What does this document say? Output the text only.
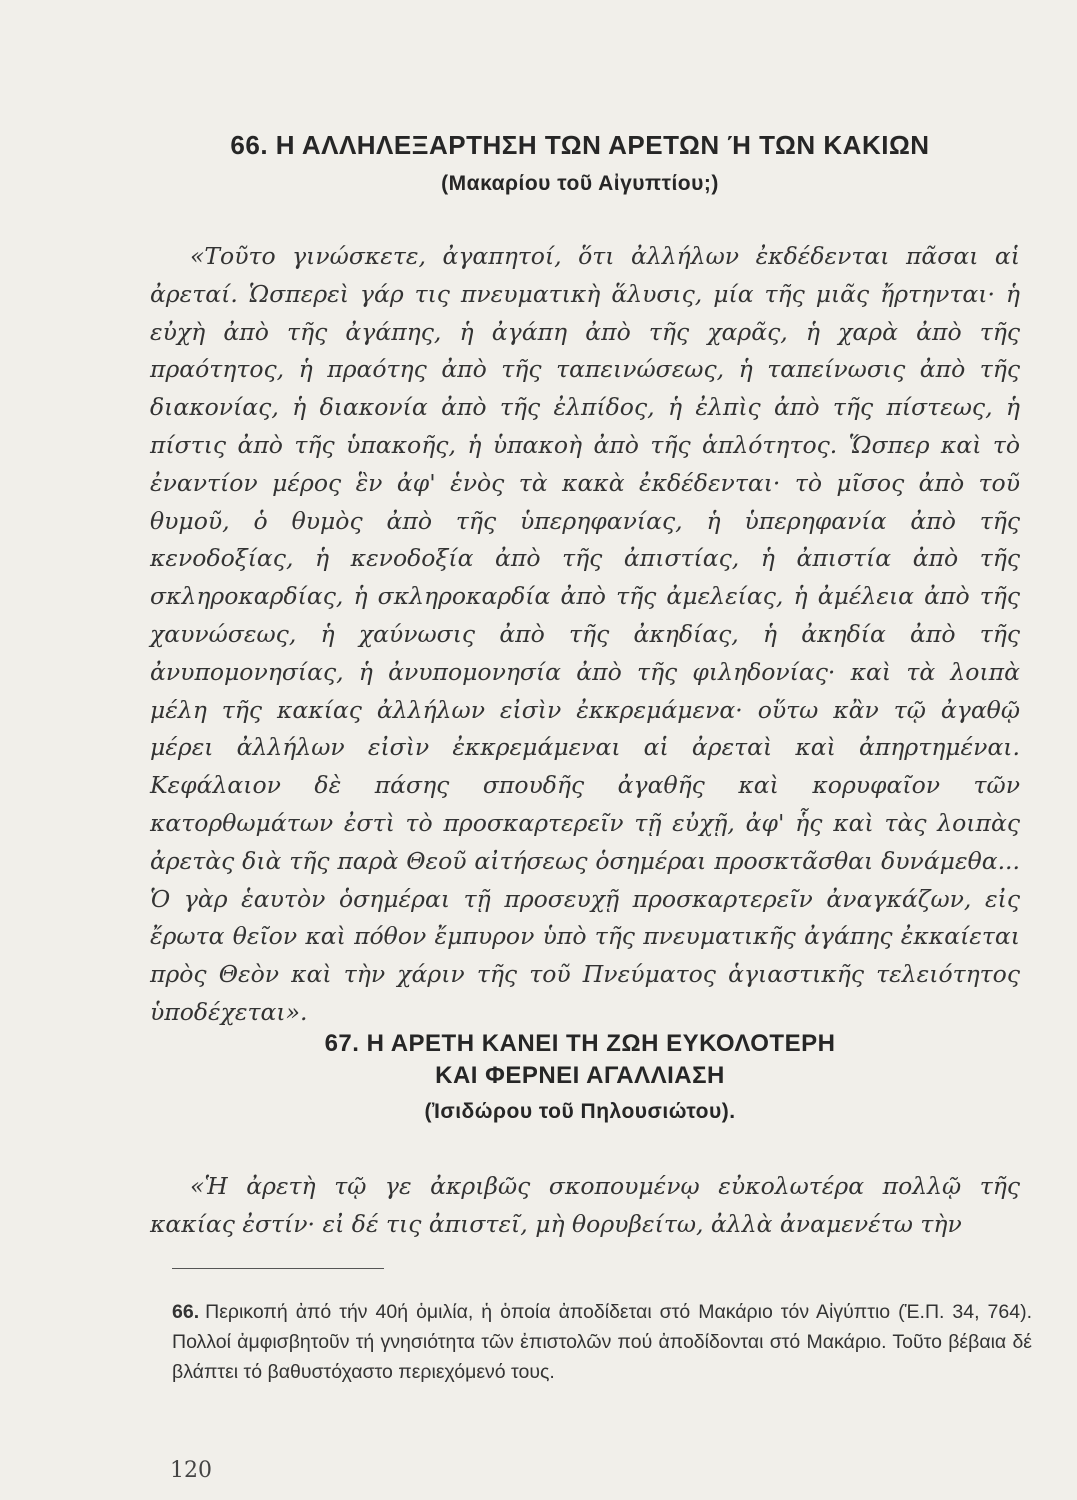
66. Η ΑΛΛΗΛΕΞΑΡΤΗΣΗ ΤΩΝ ΑΡΕΤΩΝ Ή ΤΩΝ ΚΑΚΙΩΝ
(Μακαρίου τοῦ Αἰγυπτίου;)
«Τοῦτο γινώσκετε, ἀγαπητοί, ὅτι ἀλλήλων ἐκδέδενται πᾶσαι αἱ ἀρεταί. Ὡσπερεὶ γάρ τις πνευματικὴ ἅλυσις, μία τῆς μιᾶς ἤρτηνται· ἡ εὐχὴ ἀπὸ τῆς ἀγάπης, ἡ ἀγάπη ἀπὸ τῆς χαρᾶς, ἡ χαρὰ ἀπὸ τῆς πραότητος, ἡ πραότης ἀπὸ τῆς ταπεινώσεως, ἡ ταπείνωσις ἀπὸ τῆς διακονίας, ἡ διακονία ἀπὸ τῆς ἐλπίδος, ἡ ἐλπὶς ἀπὸ τῆς πίστεως, ἡ πίστις ἀπὸ τῆς ὑπακοῆς, ἡ ὑπακοὴ ἀπὸ τῆς ἁπλότητος. Ὥσπερ καὶ τὸ ἐναντίον μέρος ἓν ἀφ' ἑνὸς τὰ κακὰ ἐκδέδενται· τὸ μῖσος ἀπὸ τοῦ θυμοῦ, ὁ θυμὸς ἀπὸ τῆς ὑπερηφανίας, ἡ ὑπερηφανία ἀπὸ τῆς κενοδοξίας, ἡ κενοδοξία ἀπὸ τῆς ἀπιστίας, ἡ ἀπιστία ἀπὸ τῆς σκληροκαρδίας, ἡ σκληροκαρδία ἀπὸ τῆς ἀμελείας, ἡ ἀμέλεια ἀπὸ τῆς χαυνώσεως, ἡ χαύνωσις ἀπὸ τῆς ἀκηδίας, ἡ ἀκηδία ἀπὸ τῆς ἀνυπομονησίας, ἡ ἀνυπομονησία ἀπὸ τῆς φιληδονίας· καὶ τὰ λοιπὰ μέλη τῆς κακίας ἀλλήλων εἰσὶν ἐκκρεμάμενα· οὕτω κἂν τῷ ἀγαθῷ μέρει ἀλλήλων εἰσὶν ἐκκρεμάμεναι αἱ ἀρεταὶ καὶ ἀπηρτημέναι. Κεφάλαιον δὲ πάσης σπουδῆς ἀγαθῆς καὶ κορυφαῖον τῶν κατορθωμάτων ἐστὶ τὸ προσκαρτερεῖν τῇ εὐχῇ, ἀφ' ἧς καὶ τὰς λοιπὰς ἀρετὰς διὰ τῆς παρὰ Θεοῦ αἰτήσεως ὁσημέραι προσκτᾶσθαι δυνάμεθα... Ὁ γὰρ ἑαυτὸν ὁσημέραι τῇ προσευχῇ προσκαρτερεῖν ἀναγκάζων, εἰς ἔρωτα θεῖον καὶ πόθον ἔμπυρον ὑπὸ τῆς πνευματικῆς ἀγάπης ἐκκαίεται πρὸς Θεὸν καὶ τὴν χάριν τῆς τοῦ Πνεύματος ἁγιαστικῆς τελειότητος ὑποδέχεται».
67. Η ΑΡΕΤΗ ΚΑΝΕΙ ΤΗ ΖΩΗ ΕΥΚΟΛΟΤΕΡΗ
ΚΑΙ ΦΕΡΝΕΙ ΑΓΑΛΛΙΑΣΗ
(Ἰσιδώρου τοῦ Πηλουσιώτου).
«Ἡ ἀρετὴ τῷ γε ἀκριβῶς σκοπουμένῳ εὐκολωτέρα πολλῷ τῆς κακίας ἐστίν· εἰ δέ τις ἀπιστεῖ, μὴ θορυβείτω, ἀλλὰ ἀναμενέτω τὴν
66. Περικοπή ἀπό τήν 40ή ὁμιλία, ἡ ὁποία ἀποδίδεται στό Μακάριο τόν Αἰγύπτιο (Ἑ.Π. 34, 764). Πολλοί ἀμφισβητοῦν τή γνησιότητα τῶν ἐπιστολῶν πού ἀποδίδονται στό Μακάριο. Τοῦτο βέβαια δέ βλάπτει τό βαθυστόχαστο περιεχόμενό τους.
120
